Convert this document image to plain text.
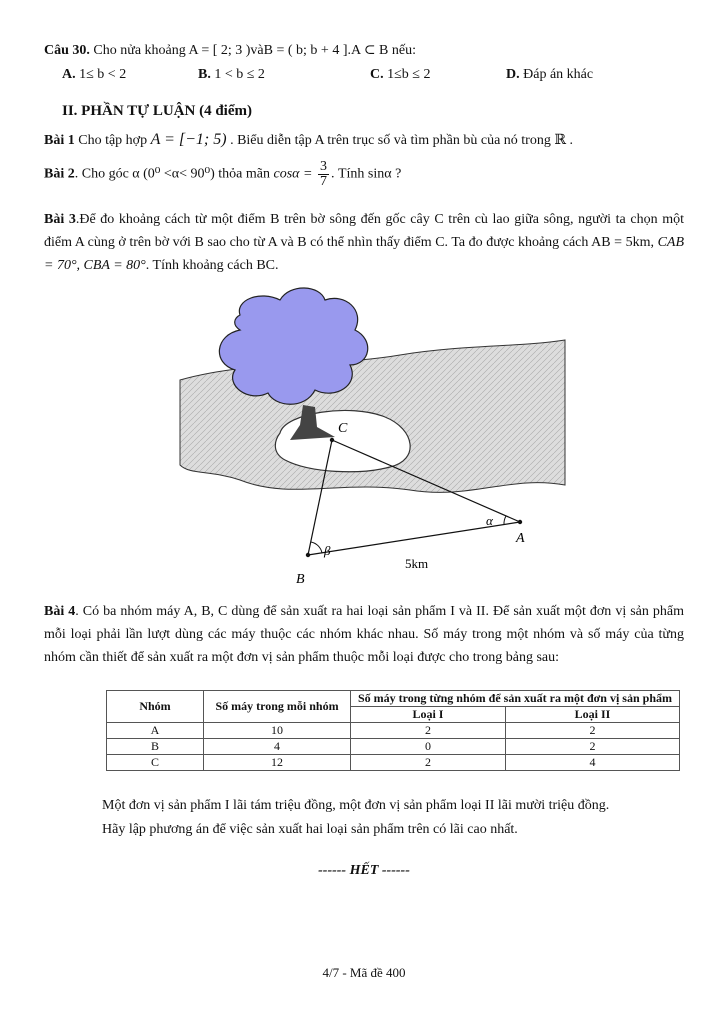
Câu 30. Cho nửa khoảng A = [ 2; 3 )vàB = ( b; b + 4 ].A ⊂ B nếu:
A. 1≤ b < 2	B. 1 < b ≤ 2	C. 1≤b ≤ 2	D. Đáp án khác
II. PHẦN TỰ LUẬN (4 điểm)
Bài 1 Cho tập hợp A = [−1; 5) . Biểu diễn tập A trên trục số và tìm phần bù của nó trong ℝ .
Bài 2. Cho góc α (0⁰ <α< 90⁰) thỏa mãn $\cos\alpha = \frac{3}{7}$ . Tính sinα ?
Bài 3.Để đo khoảng cách từ một điểm B trên bờ sông đến gốc cây C trên cù lao giữa sông, người ta chọn một điểm A cùng ở trên bờ với B sao cho từ A và B có thể nhìn thấy điểm C. Ta đo được khoảng cách AB = 5km, CAB = 70°, CBA = 80°. Tính khoảng cách BC.
Bài 4. Có ba nhóm máy A, B, C dùng để sản xuất ra hai loại sản phẩm I và II. Để sản xuất một đơn vị sản phẩm mỗi loại phải lần lượt dùng các máy thuộc các nhóm khác nhau. Số máy trong một nhóm và số máy của từng nhóm cần thiết để sản xuất ra một đơn vị sản phẩm thuộc mỗi loại được cho trong bảng sau:
Nhóm	Số máy trong mỗi nhóm	Số máy trong từng nhóm để sản xuất ra một đơn vị sản phẩm	
		Loại I	Loại II
A	10	2	2
B	4	0	2
C	12	2	4
Một đơn vị sản phẩm I lãi tám triệu đồng, một đơn vị sản phẩm loại II lãi mười triệu đồng.
Hãy lập phương án để việc sản xuất hai loại sản phẩm trên có lãi cao nhất.
------ HẾT ------
4/7 - Mã đề 400
C
A
B
β
α
5km
